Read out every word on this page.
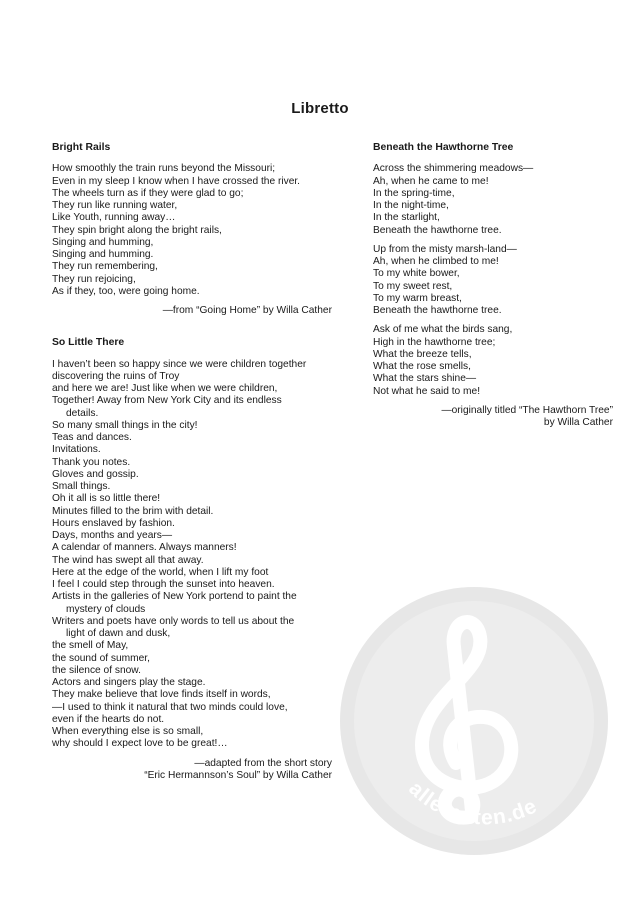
Libretto
Bright Rails
How smoothly the train runs beyond the Missouri;
Even in my sleep I know when I have crossed the river.
The wheels turn as if they were glad to go;
They run like running water,
Like Youth, running away…
They spin bright along the bright rails,
Singing and humming,
Singing and humming.
They run remembering,
They run rejoicing,
As if they, too, were going home.
—from “Going Home” by Willa Cather
So Little There
I haven’t been so happy since we were children together
discovering the ruins of Troy
and here we are! Just like when we were children,
Together! Away from New York City and its endless
details.
So many small things in the city!
Teas and dances.
Invitations.
Thank you notes.
Gloves and gossip.
Small things.
Oh it all is so little there!
Minutes filled to the brim with detail.
Hours enslaved by fashion.
Days, months and years—
A calendar of manners. Always manners!
The wind has swept all that away.
Here at the edge of the world, when I lift my foot
I feel I could step through the sunset into heaven.
Artists in the galleries of New York portend to paint the
mystery of clouds
Writers and poets have only words to tell us about the
light of dawn and dusk,
the smell of May,
the sound of summer,
the silence of snow.
Actors and singers play the stage.
They make believe that love finds itself in words,
—I used to think it natural that two minds could love,
even if the hearts do not.
When everything else is so small,
why should I expect love to be great!…
—adapted from the short story
“Eric Hermannson’s Soul” by Willa Cather
Beneath the Hawthorne Tree
Across the shimmering meadows—
Ah, when he came to me!
In the spring-time,
In the night-time,
In the starlight,
Beneath the hawthorne tree.
Up from the misty marsh-land—
Ah, when he climbed to me!
To my white bower,
To my sweet rest,
To my warm breast,
Beneath the hawthorne tree.
Ask of me what the birds sang,
High in the hawthorne tree;
What the breeze tells,
What the rose smells,
What the stars shine—
Not what he said to me!
—originally titled “The Hawthorn Tree”
by Willa Cather
alle-noten.de
